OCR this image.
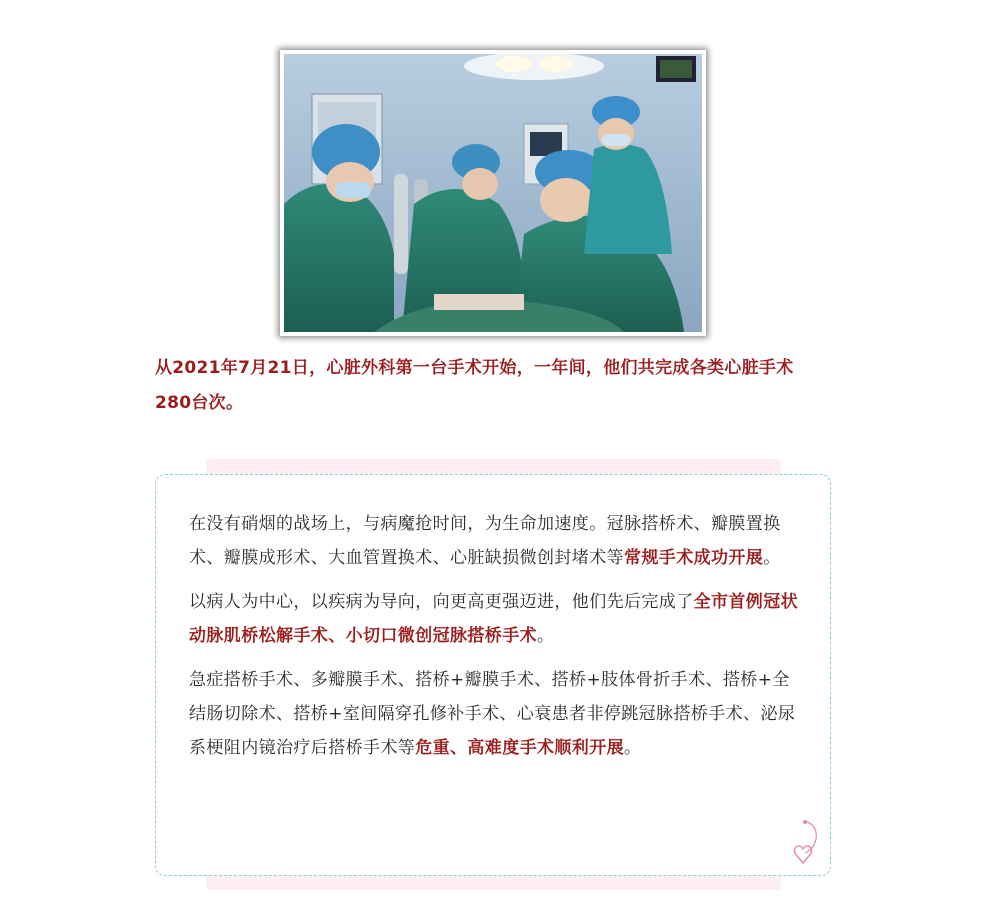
从2021年7月21日，心脏外科第一台手术开始，一年间，他们共完成各类心脏手术
280台次。

在没有硝烟的战场上，与病魔抢时间，为生命加速度。冠脉搭桥术、瓣膜置换术、瓣膜成形术、大血管置换术、心脏缺损微创封堵术等常规手术成功开展。

以病人为中心，以疾病为导向，向更高更强迈进，他们先后完成了全市首例冠状动脉肌桥松解手术、小切口微创冠脉搭桥手术。

急症搭桥手术、多瓣膜手术、搭桥+瓣膜手术、搭桥+肢体骨折手术、搭桥+全结肠切除术、搭桥+室间隔穿孔修补手术、心衰患者非停跳冠脉搭桥手术、泌尿系梗阻内镜治疗后搭桥手术等危重、高难度手术顺利开展。
